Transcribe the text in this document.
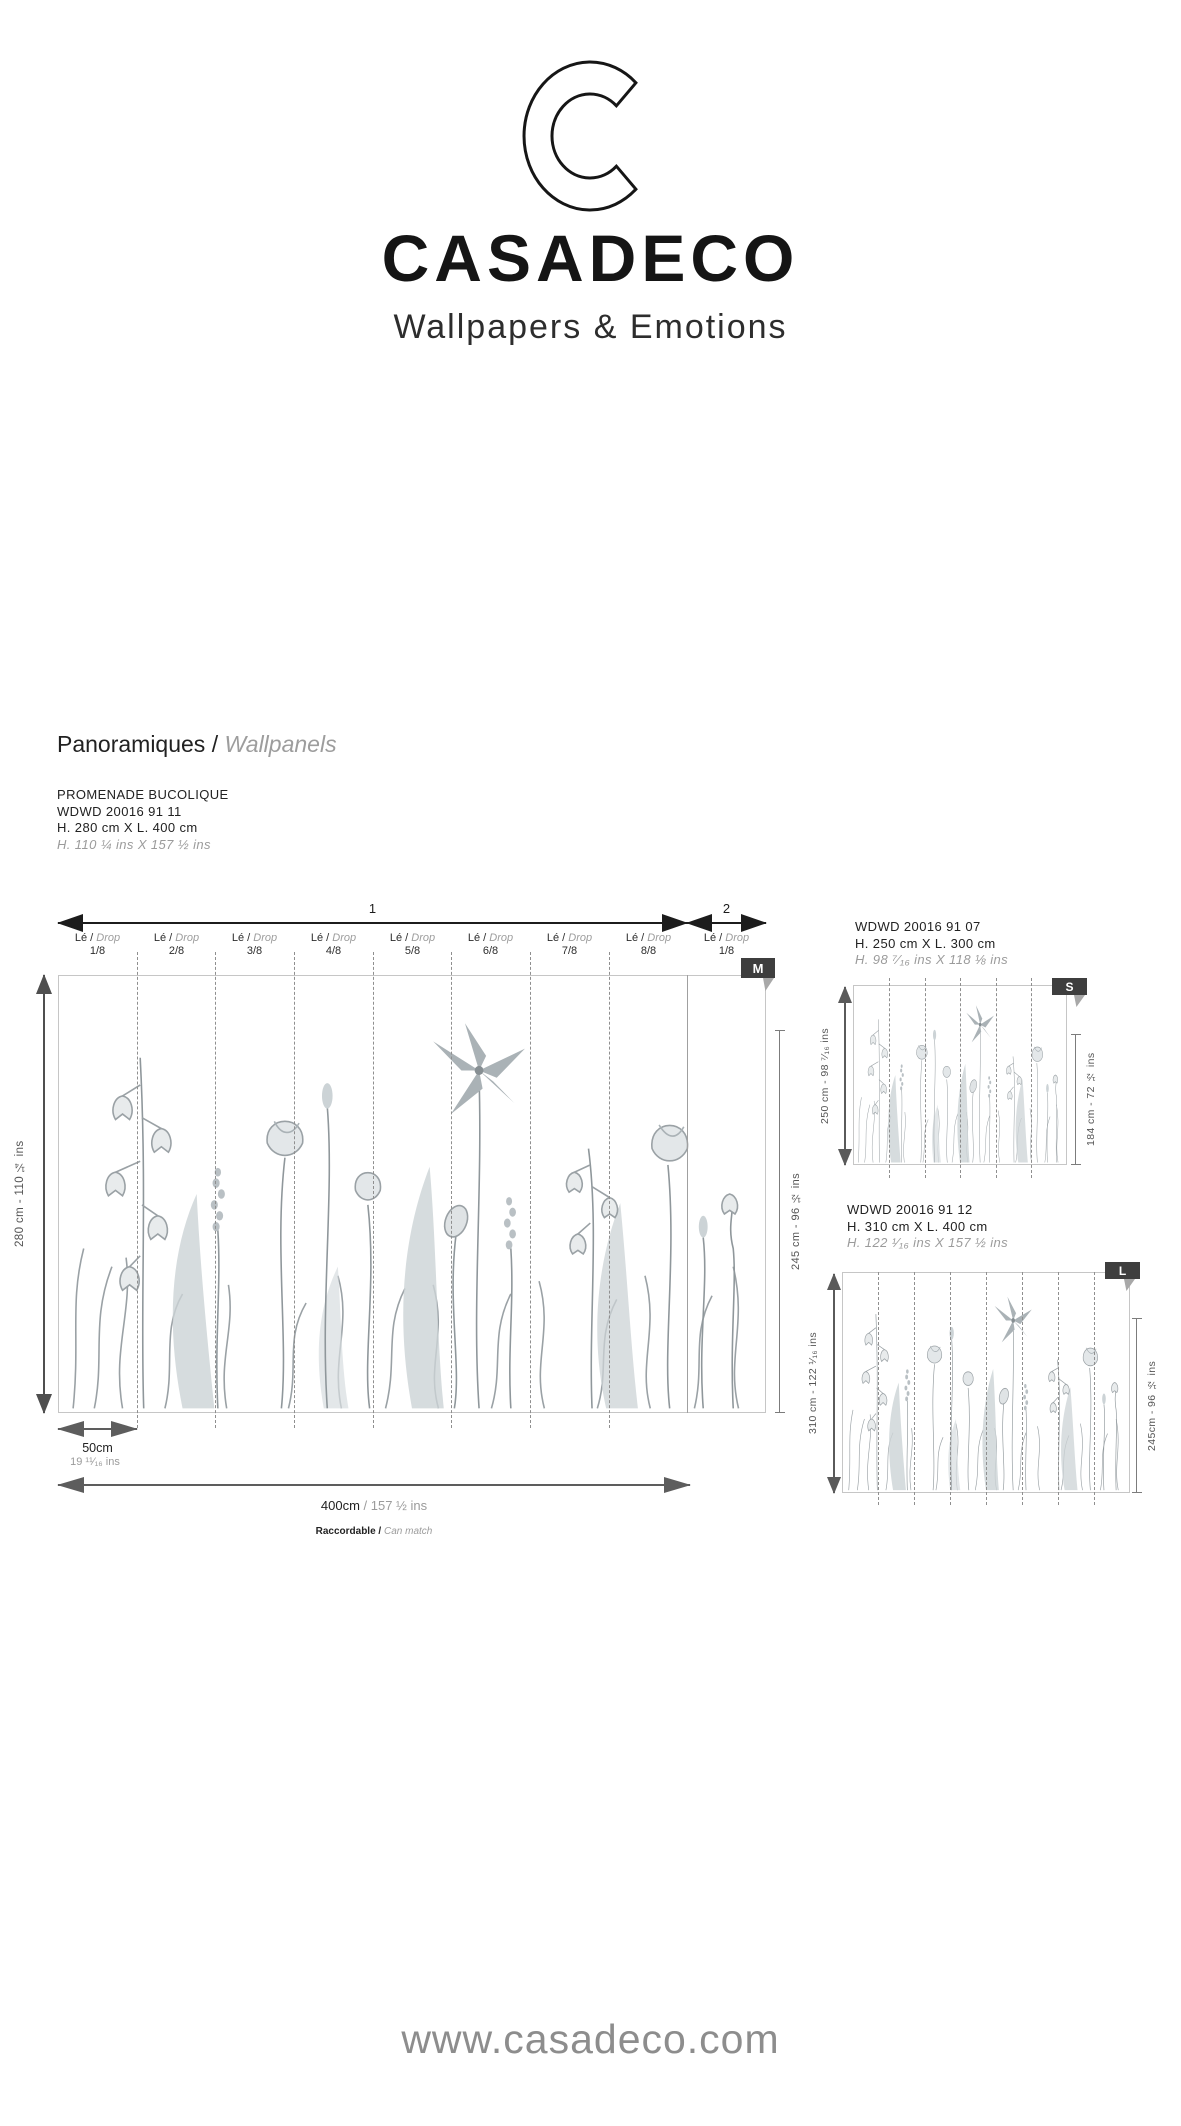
CASADECO
Wallpapers & Emotions
Panoramiques / Wallpanels
PROMENADE BUCOLIQUE
WDWD 20016 91 11
H. 280 cm X L. 400 cm
H. 110 ¼ ins X 157 ½ ins
1	2
Lé / Drop
1/8
Lé / Drop
2/8
Lé / Drop
3/8
Lé / Drop
4/8
Lé / Drop
5/8
Lé / Drop
6/8
Lé / Drop
7/8
Lé / Drop
8/8
Lé / Drop
1/8
M
280 cm - 110 ¼ ins	245 cm - 96 ½ ins
50cm
19 ¹¹⁄₁₆ ins
400cm / 157 ½ ins
Raccordable / Can match
WDWD 20016 91 07
H. 250 cm X L. 300 cm
H. 98 ⁷⁄₁₆ ins X 118 ⅛ ins
S
250 cm - 98 ⁷⁄₁₆ ins	184 cm - 72 ½ ins
WDWD 20016 91 12
H. 310 cm X L. 400 cm
H. 122 ¹⁄₁₆ ins X 157 ½ ins
L
310 cm - 122 ¹⁄₁₆ ins	245cm - 96 ½ ins
www.casadeco.com
